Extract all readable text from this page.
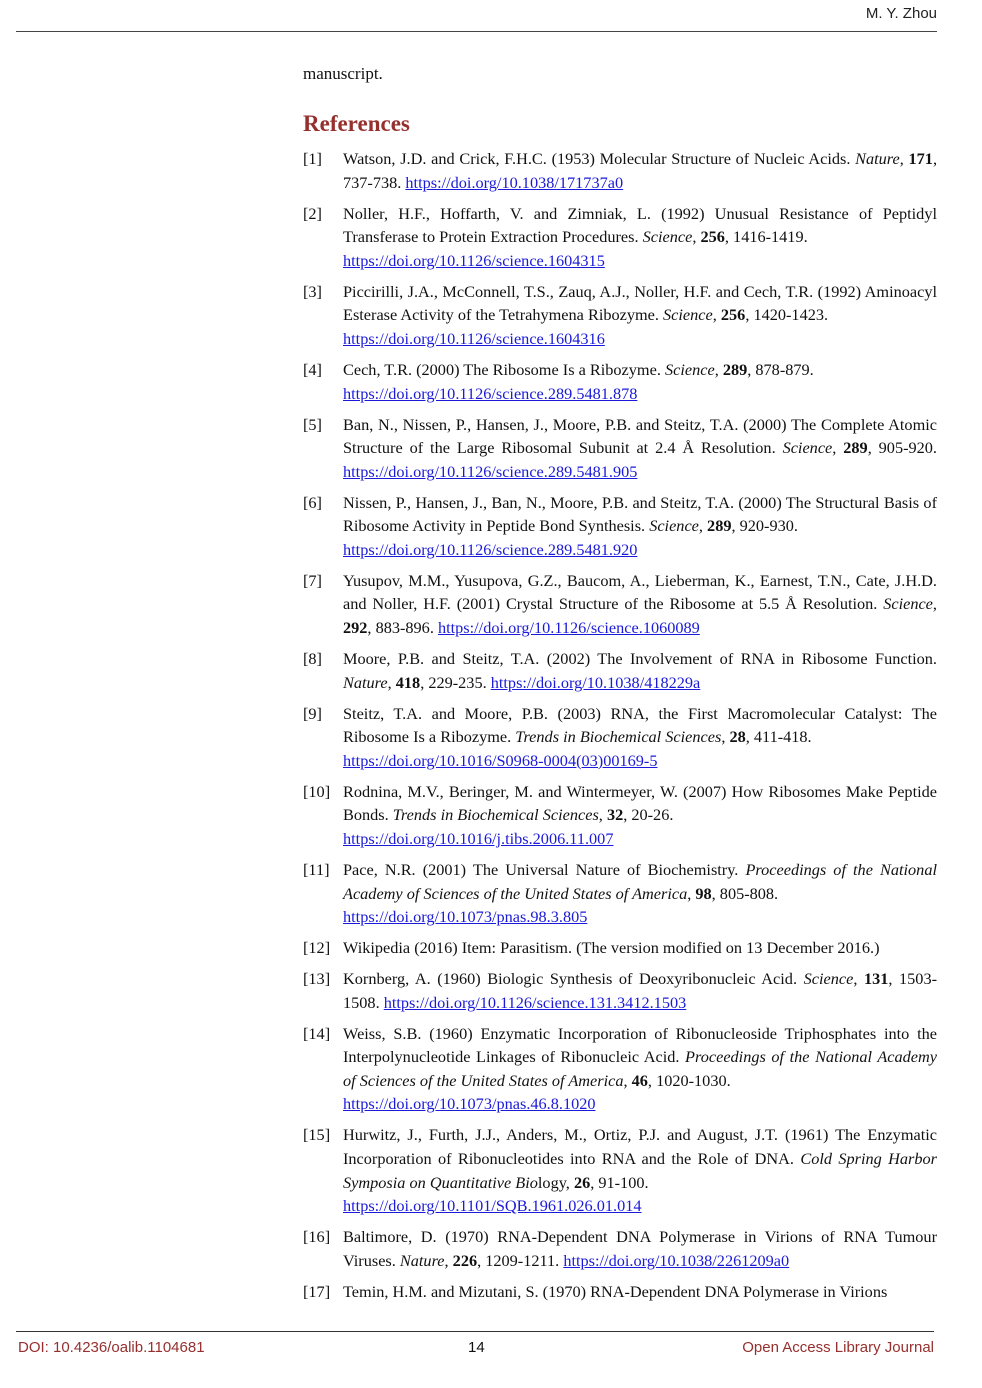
M. Y. Zhou
manuscript.
References
[1]	Watson, J.D. and Crick, F.H.C. (1953) Molecular Structure of Nucleic Acids. Nature, 171, 737-738. https://doi.org/10.1038/171737a0
[2]	Noller, H.F., Hoffarth, V. and Zimniak, L. (1992) Unusual Resistance of Peptidyl Transferase to Protein Extraction Procedures. Science, 256, 1416-1419.
https://doi.org/10.1126/science.1604315
[3]	Piccirilli, J.A., McConnell, T.S., Zauq, A.J., Noller, H.F. and Cech, T.R. (1992) Aminoacyl Esterase Activity of the Tetrahymena Ribozyme. Science, 256, 1420-1423.
https://doi.org/10.1126/science.1604316
[4]	Cech, T.R. (2000) The Ribosome Is a Ribozyme. Science, 289, 878-879.
https://doi.org/10.1126/science.289.5481.878
[5]	Ban, N., Nissen, P., Hansen, J., Moore, P.B. and Steitz, T.A. (2000) The Complete Atomic Structure of the Large Ribosomal Subunit at 2.4 Å Resolution. Science, 289, 905-920. https://doi.org/10.1126/science.289.5481.905
[6]	Nissen, P., Hansen, J., Ban, N., Moore, P.B. and Steitz, T.A. (2000) The Structural Basis of Ribosome Activity in Peptide Bond Synthesis. Science, 289, 920-930.
https://doi.org/10.1126/science.289.5481.920
[7]	Yusupov, M.M., Yusupova, G.Z., Baucom, A., Lieberman, K., Earnest, T.N., Cate, J.H.D. and Noller, H.F. (2001) Crystal Structure of the Ribosome at 5.5 Å Resolution. Science, 292, 883-896. https://doi.org/10.1126/science.1060089
[8]	Moore, P.B. and Steitz, T.A. (2002) The Involvement of RNA in Ribosome Function. Nature, 418, 229-235. https://doi.org/10.1038/418229a
[9]	Steitz, T.A. and Moore, P.B. (2003) RNA, the First Macromolecular Catalyst: The Ribosome Is a Ribozyme. Trends in Biochemical Sciences, 28, 411-418.
https://doi.org/10.1016/S0968-0004(03)00169-5
[10] Rodnina, M.V., Beringer, M. and Wintermeyer, W. (2007) How Ribosomes Make Peptide Bonds. Trends in Biochemical Sciences, 32, 20-26.
https://doi.org/10.1016/j.tibs.2006.11.007
[11] Pace, N.R. (2001) The Universal Nature of Biochemistry. Proceedings of the National Academy of Sciences of the United States of America, 98, 805-808.
https://doi.org/10.1073/pnas.98.3.805
[12] Wikipedia (2016) Item: Parasitism. (The version modified on 13 December 2016.)
[13] Kornberg, A. (1960) Biologic Synthesis of Deoxyribonucleic Acid. Science, 131, 1503-1508. https://doi.org/10.1126/science.131.3412.1503
[14] Weiss, S.B. (1960) Enzymatic Incorporation of Ribonucleoside Triphosphates into the Interpolynucleotide Linkages of Ribonucleic Acid. Proceedings of the National Academy of Sciences of the United States of America, 46, 1020-1030.
https://doi.org/10.1073/pnas.46.8.1020
[15] Hurwitz, J., Furth, J.J., Anders, M., Ortiz, P.J. and August, J.T. (1961) The Enzymatic Incorporation of Ribonucleotides into RNA and the Role of DNA. Cold Spring Harbor Symposia on Quantitative Biology, 26, 91-100.
https://doi.org/10.1101/SQB.1961.026.01.014
[16] Baltimore, D. (1970) RNA-Dependent DNA Polymerase in Virions of RNA Tumour Viruses. Nature, 226, 1209-1211. https://doi.org/10.1038/2261209a0
[17] Temin, H.M. and Mizutani, S. (1970) RNA-Dependent DNA Polymerase in Virions
DOI: 10.4236/oalib.1104681	14	Open Access Library Journal
